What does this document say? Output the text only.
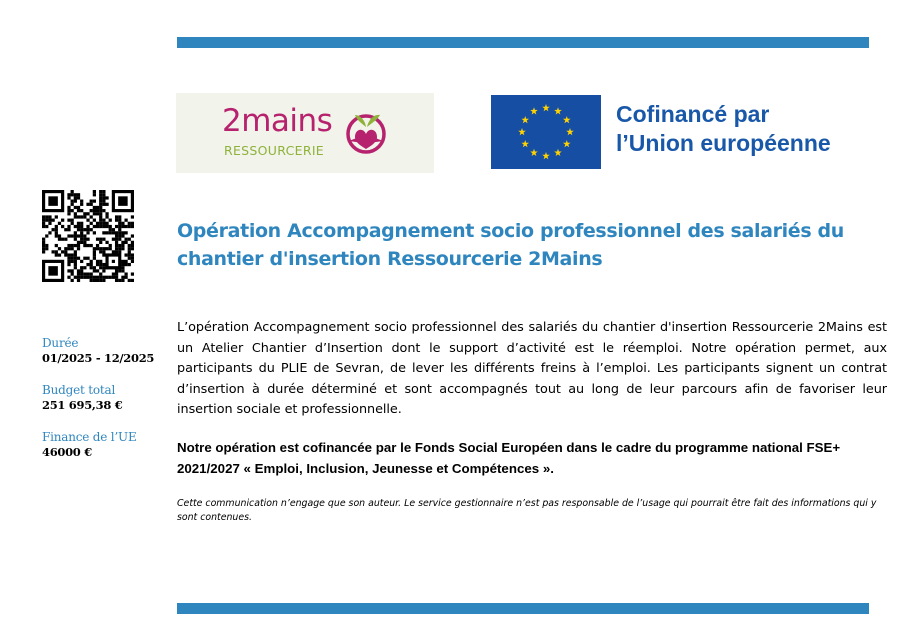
2mains
RESSOURCERIE
Cofinancé par
l’Union européenne
Opération Accompagnement socio professionnel des salariés du chantier d'insertion Ressourcerie 2Mains
Durée
01/2025 - 12/2025
Budget total
251 695,38 €
Finance de l’UE
46000 €

L’opération Accompagnement socio professionnel des salariés du chantier d'insertion Ressourcerie 2Mains est un Atelier Chantier d’Insertion dont le support d’activité est le réemploi. Notre opération permet, aux participants du PLIE de Sevran, de lever les différents freins à l’emploi. Les participants signent un contrat d’insertion à durée déterminé et sont accompagnés tout au long de leur parcours afin de favoriser leur insertion sociale et professionnelle.

Notre opération est cofinancée par le Fonds Social Européen dans le cadre du programme national FSE+ 2021/2027 « Emploi, Inclusion, Jeunesse et Compétences ».

Cette communication n’engage que son auteur. Le service gestionnaire n’est pas responsable de l’usage qui pourrait être fait des informations qui y sont contenues.
